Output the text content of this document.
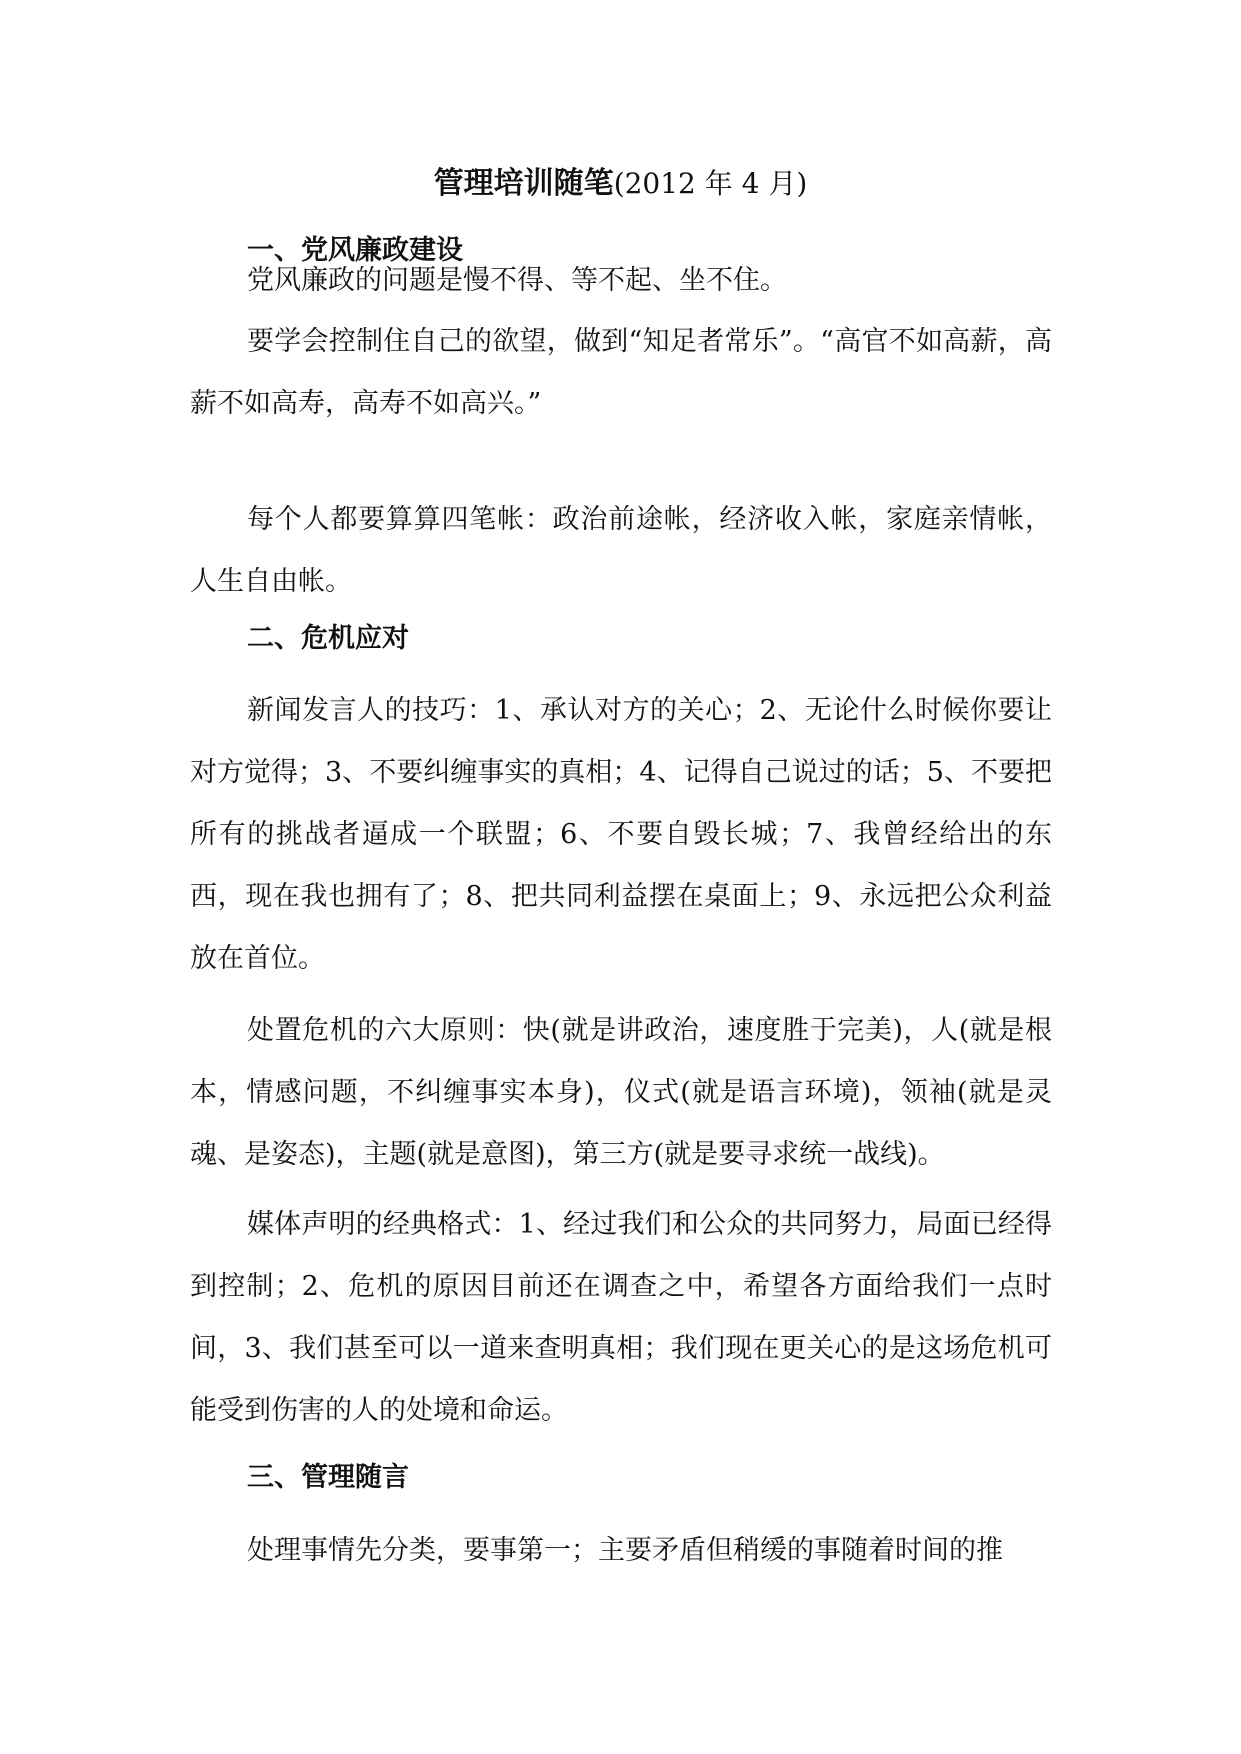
管理培训随笔(2012 年 4 月)
一、党风廉政建设

党风廉政的问题是慢不得、等不起、坐不住。

要学会控制住自己的欲望，做到“知足者常乐”。“高官不如高薪，高薪不如高寿，高寿不如高兴。”

每个人都要算算四笔帐：政治前途帐，经济收入帐，家庭亲情帐，人生自由帐。

二、危机应对

新闻发言人的技巧：1、承认对方的关心；2、无论什么时候你要让对方觉得；3、不要纠缠事实的真相；4、记得自己说过的话；5、不要把所有的挑战者逼成一个联盟；6、不要自毁长城；7、我曾经给出的东西，现在我也拥有了；8、把共同利益摆在桌面上；9、永远把公众利益放在首位。

处置危机的六大原则：快(就是讲政治，速度胜于完美)，人(就是根本，情感问题，不纠缠事实本身)，仪式(就是语言环境)，领袖(就是灵魂、是姿态)，主题(就是意图)，第三方(就是要寻求统一战线)。

媒体声明的经典格式：1、经过我们和公众的共同努力，局面已经得到控制；2、危机的原因目前还在调查之中，希望各方面给我们一点时间，3、我们甚至可以一道来查明真相；我们现在更关心的是这场危机可能受到伤害的人的处境和命运。

三、管理随言

处理事情先分类，要事第一；主要矛盾但稍缓的事随着时间的推
